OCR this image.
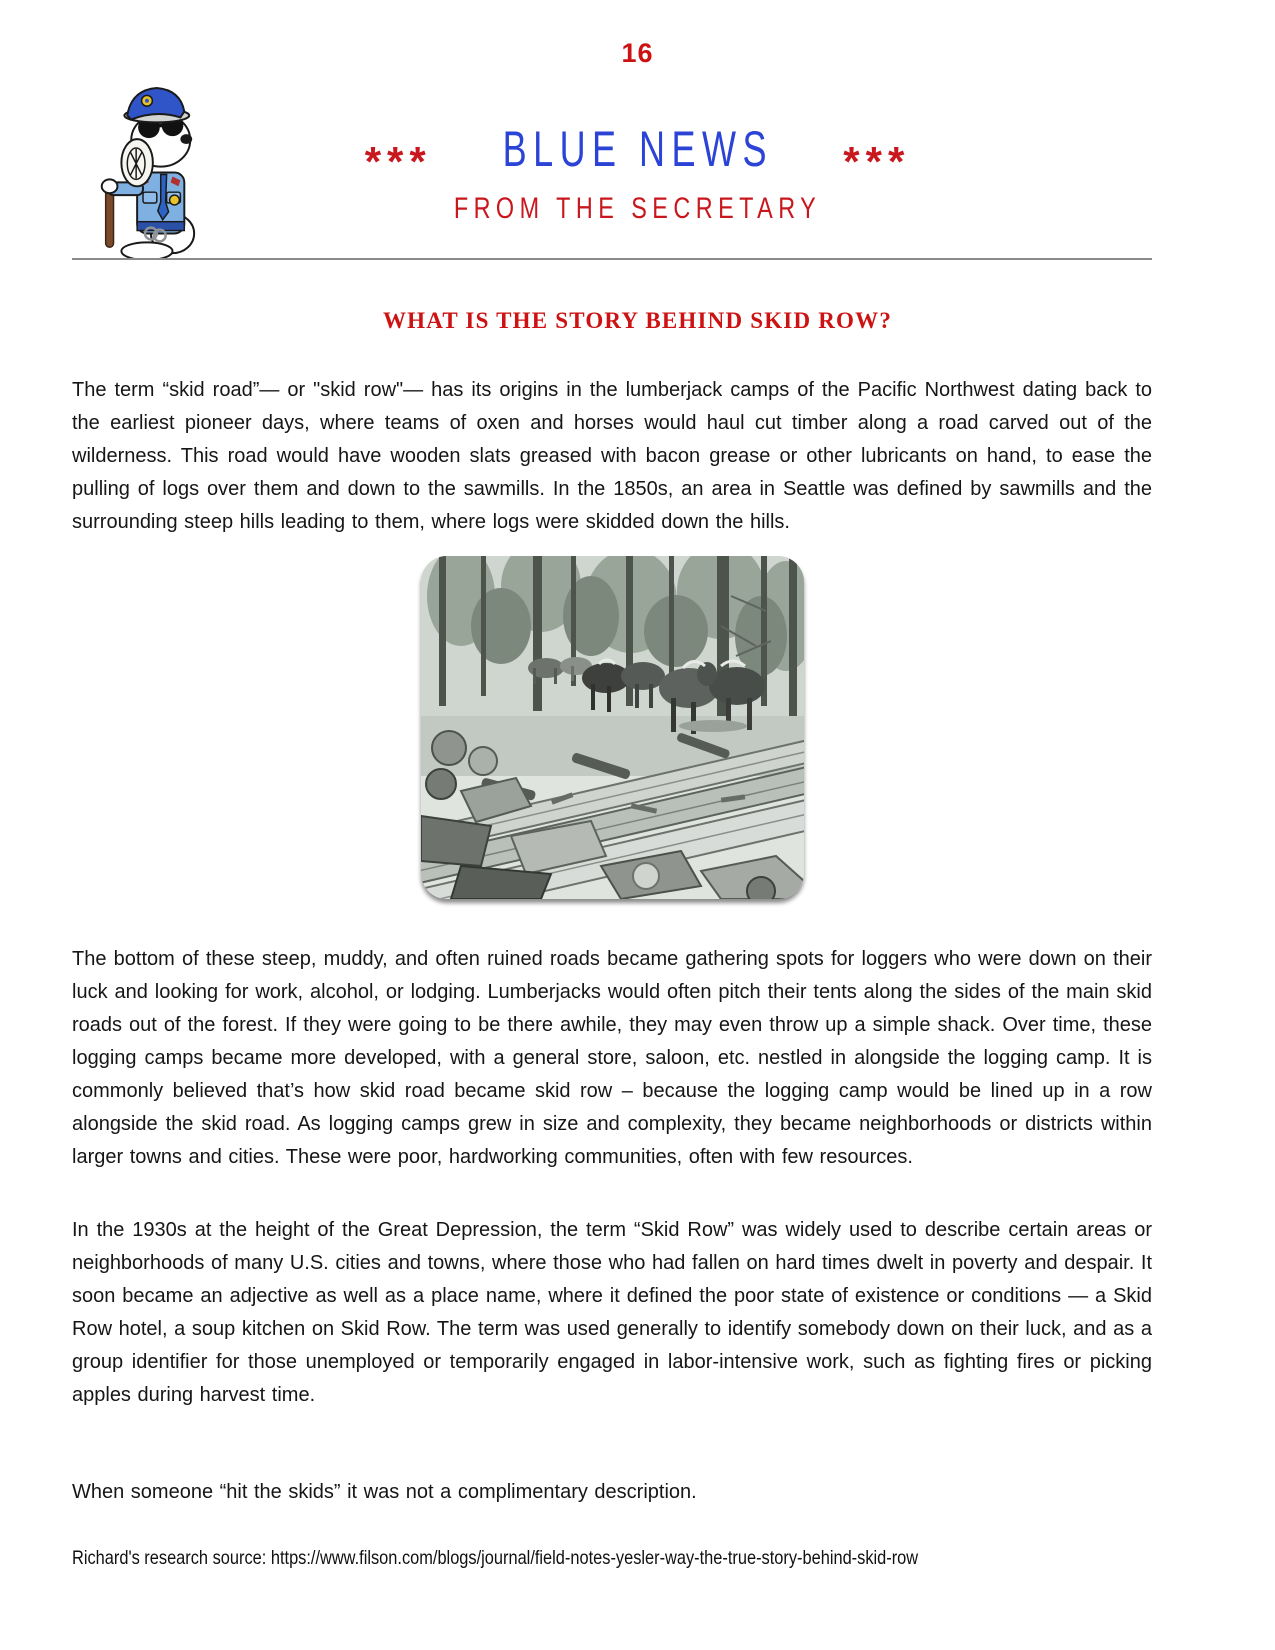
16
*** BLUE NEWS ***
FROM THE SECRETARY
WHAT IS THE STORY BEHIND SKID ROW?

The term “skid road”— or "skid row"— has its origins in the lumberjack camps of the Pacific Northwest dating back to the earliest pioneer days, where teams of oxen and horses would haul cut timber along a road carved out of the wilderness. This road would have wooden slats greased with bacon grease or other lubricants on hand, to ease the pulling of logs over them and down to the sawmills. In the 1850s, an area in Seattle was defined by sawmills and the surrounding steep hills leading to them, where logs were skidded down the hills.

The bottom of these steep, muddy, and often ruined roads became gathering spots for loggers who were down on their luck and looking for work, alcohol, or lodging. Lumberjacks would often pitch their tents along the sides of the main skid roads out of the forest. If they were going to be there awhile, they may even throw up a simple shack. Over time, these logging camps became more developed, with a general store, saloon, etc. nestled in alongside the logging camp. It is commonly believed that’s how skid road became skid row – because the logging camp would be lined up in a row alongside the skid road. As logging camps grew in size and complexity, they became neighborhoods or districts within larger towns and cities. These were poor, hardworking communities, often with few resources.

In the 1930s at the height of the Great Depression, the term “Skid Row” was widely used to describe certain areas or neighborhoods of many U.S. cities and towns, where those who had fallen on hard times dwelt in poverty and despair. It soon became an adjective as well as a place name, where it defined the poor state of existence or conditions — a Skid Row hotel, a soup kitchen on Skid Row. The term was used generally to identify somebody down on their luck, and as a group identifier for those unemployed or temporarily engaged in labor-intensive work, such as fighting fires or picking apples during harvest time.

When someone “hit the skids” it was not a complimentary description.

Richard's research source: https://www.filson.com/blogs/journal/field-notes-yesler-way-the-true-story-behind-skid-row
